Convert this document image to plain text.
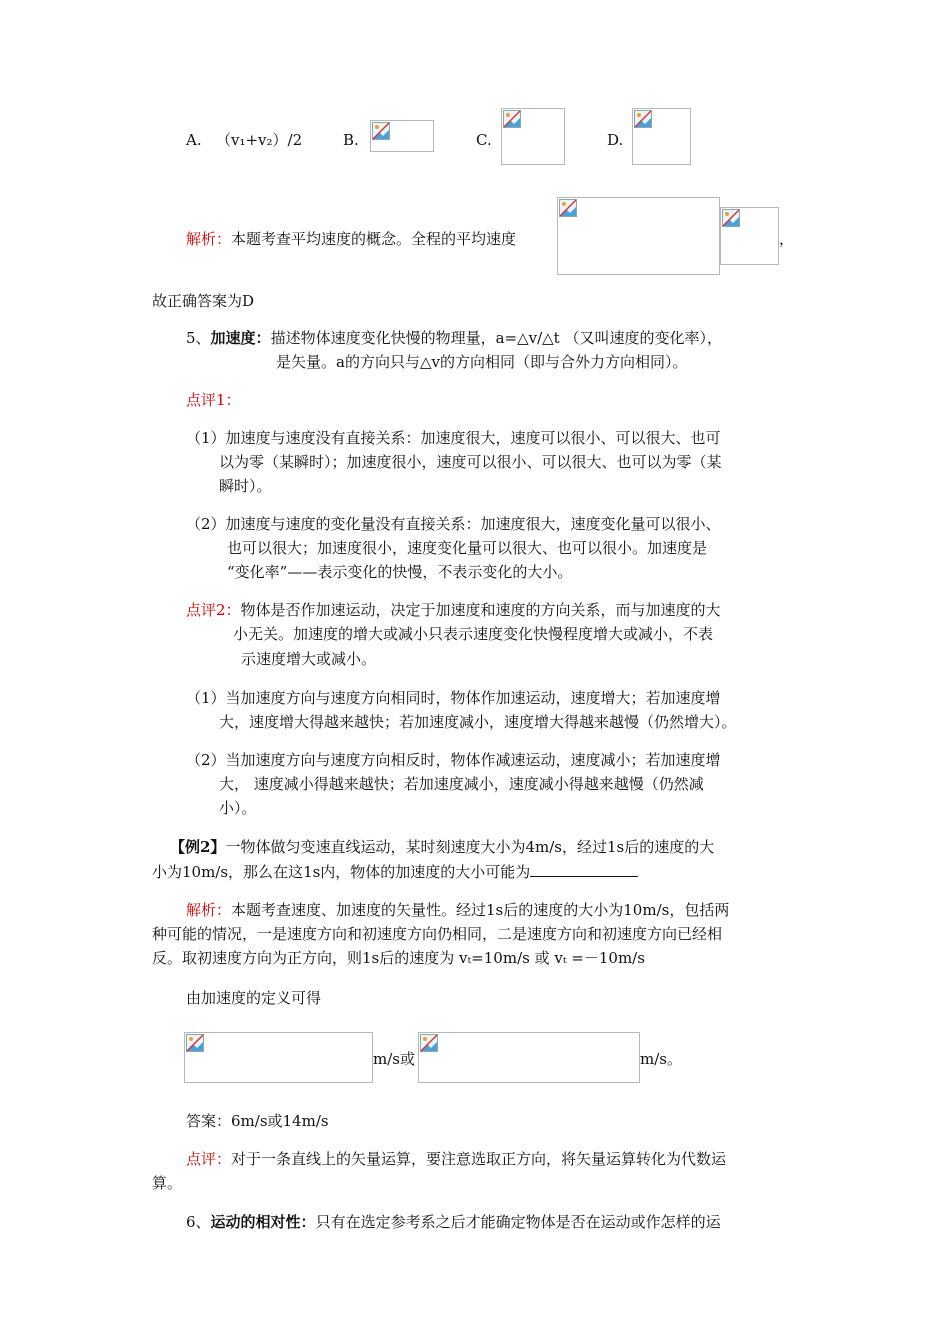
A. （v₁+v₂）/2	B.	C.	D.
解析：本题考查平均速度的概念。全程的平均速度	，
故正确答案为D
5、加速度：描述物体速度变化快慢的物理量，a=△v/△t （又叫速度的变化率），
是矢量。a的方向只与△v的方向相同（即与合外力方向相同）。
点评1：
（1）加速度与速度没有直接关系：加速度很大，速度可以很小、可以很大、也可
以为零（某瞬时）；加速度很小，速度可以很小、可以很大、也可以为零（某
瞬时）。
（2）加速度与速度的变化量没有直接关系：加速度很大，速度变化量可以很小、
也可以很大；加速度很小，速度变化量可以很大、也可以很小。加速度是
“变化率”——表示变化的快慢，不表示变化的大小。
点评2：物体是否作加速运动，决定于加速度和速度的方向关系，而与加速度的大
小无关。加速度的增大或减小只表示速度变化快慢程度增大或减小，不表
示速度增大或减小。
（1）当加速度方向与速度方向相同时，物体作加速运动，速度增大；若加速度增
大，速度增大得越来越快；若加速度减小，速度增大得越来越慢（仍然增大）。
（2）当加速度方向与速度方向相反时，物体作减速运动，速度减小；若加速度增
大， 速度减小得越来越快；若加速度减小，速度减小得越来越慢（仍然减
小）。
【例2】一物体做匀变速直线运动，某时刻速度大小为4m/s，经过1s后的速度的大
小为10m/s，那么在这1s内，物体的加速度的大小可能为
解析：本题考查速度、加速度的矢量性。经过1s后的速度的大小为10m/s，包括两
种可能的情况，一是速度方向和初速度方向仍相同，二是速度方向和初速度方向已经相
反。取初速度方向为正方向，则1s后的速度为 vₜ=10m/s 或 vₜ =－10m/s
由加速度的定义可得
m/s或	m/s。
答案：6m/s或14m/s
点评：对于一条直线上的矢量运算，要注意选取正方向，将矢量运算转化为代数运
算。
6、运动的相对性：只有在选定参考系之后才能确定物体是否在运动或作怎样的运
